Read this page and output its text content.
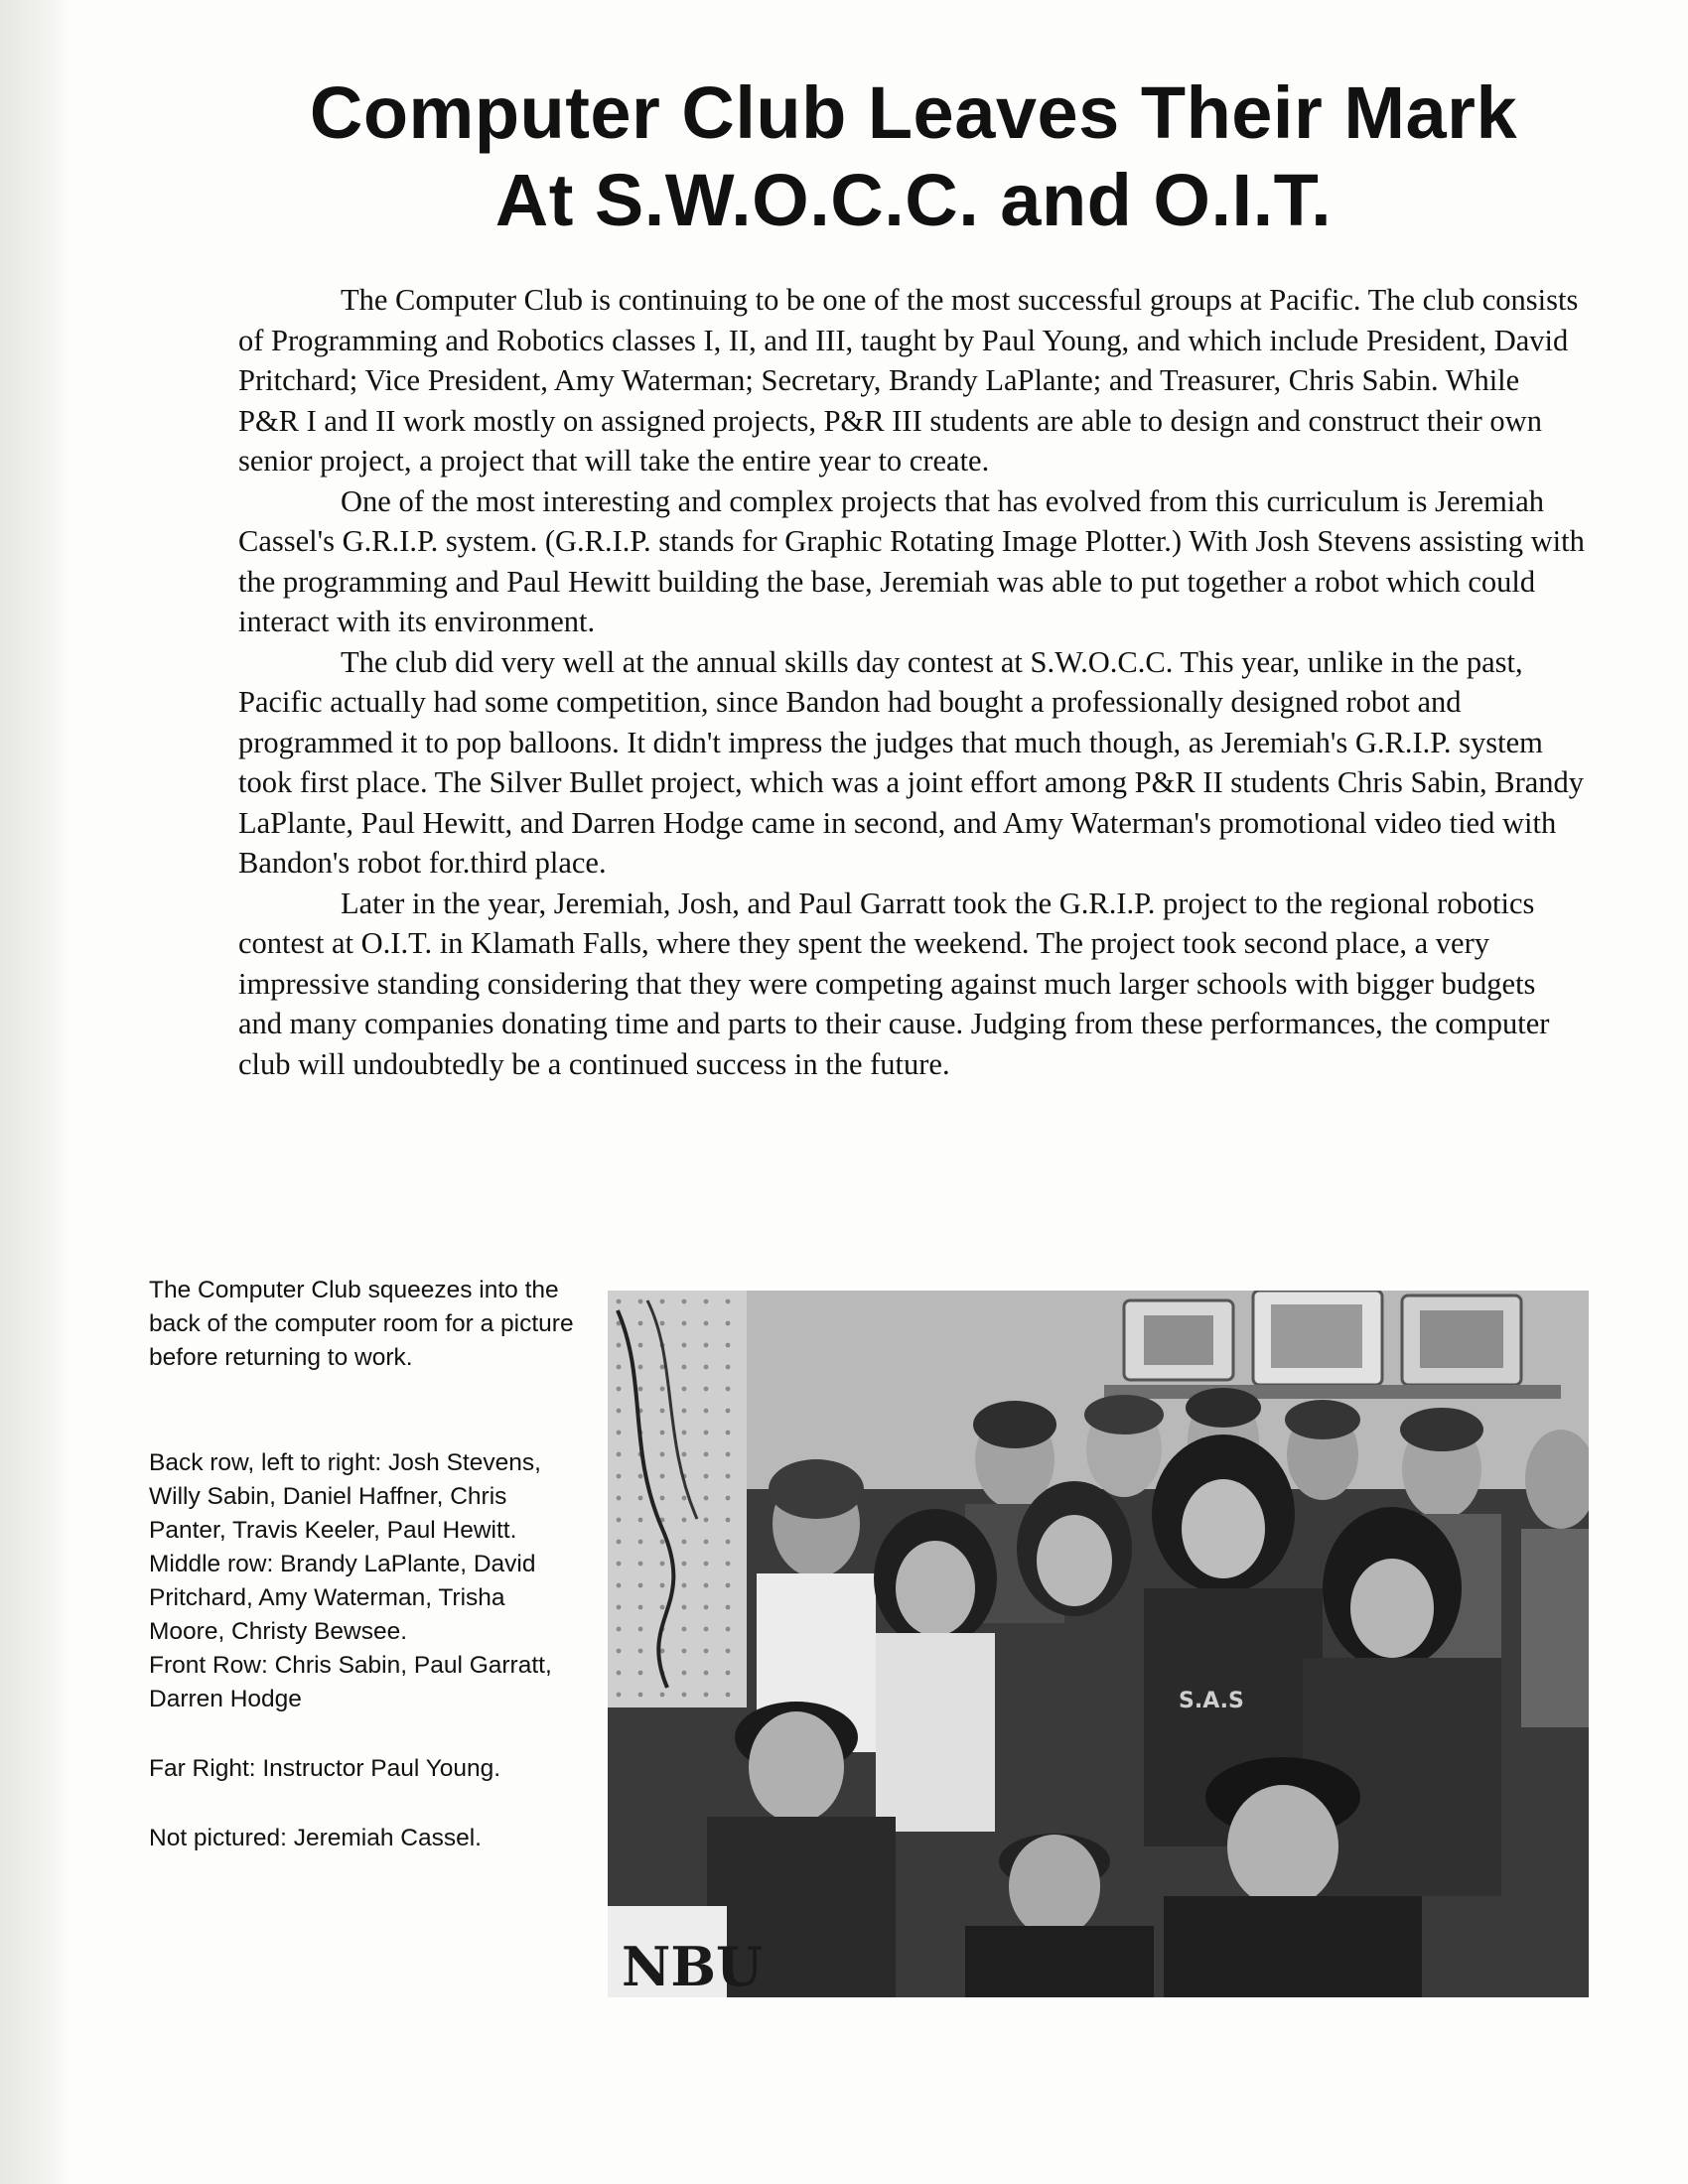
Computer Club Leaves Their Mark
At S.W.O.C.C. and O.I.T.

The Computer Club is continuing to be one of the most successful groups at Pacific. The club consists of Programming and Robotics classes I, II, and III, taught by Paul Young, and which include President, David Pritchard; Vice President, Amy Waterman; Secretary, Brandy LaPlante; and Treasurer, Chris Sabin. While P&R I and II work mostly on assigned projects, P&R III students are able to design and construct their own senior project, a project that will take the entire year to create.

One of the most interesting and complex projects that has evolved from this curriculum is Jeremiah Cassel's G.R.I.P. system. (G.R.I.P. stands for Graphic Rotating Image Plotter.) With Josh Stevens assisting with the programming and Paul Hewitt building the base, Jeremiah was able to put together a robot which could interact with its environment.

The club did very well at the annual skills day contest at S.W.O.C.C. This year, unlike in the past, Pacific actually had some competition, since Bandon had bought a professionally designed robot and programmed it to pop balloons. It didn't impress the judges that much though, as Jeremiah's G.R.I.P. system took first place. The Silver Bullet project, which was a joint effort among P&R II students Chris Sabin, Brandy LaPlante, Paul Hewitt, and Darren Hodge came in second, and Amy Waterman's promotional video tied with Bandon's robot for.third place.

Later in the year, Jeremiah, Josh, and Paul Garratt took the G.R.I.P. project to the regional robotics contest at O.I.T. in Klamath Falls, where they spent the weekend. The project took second place, a very impressive standing considering that they were competing against much larger schools with bigger budgets and many companies donating time and parts to their cause. Judging from these performances, the computer club will undoubtedly be a continued success in the future.

The Computer Club squeezes into the back of the computer room for a picture before returning to work.

Back row, left to right: Josh Stevens, Willy Sabin, Daniel Haffner, Chris Panter, Travis Keeler, Paul Hewitt.

Middle row: Brandy LaPlante, David Pritchard, Amy Waterman, Trisha Moore, Christy Bewsee.

Front Row: Chris Sabin, Paul Garratt, Darren Hodge

Far Right: Instructor Paul Young.

Not pictured: Jeremiah Cassel.

S.A.S
NBU
